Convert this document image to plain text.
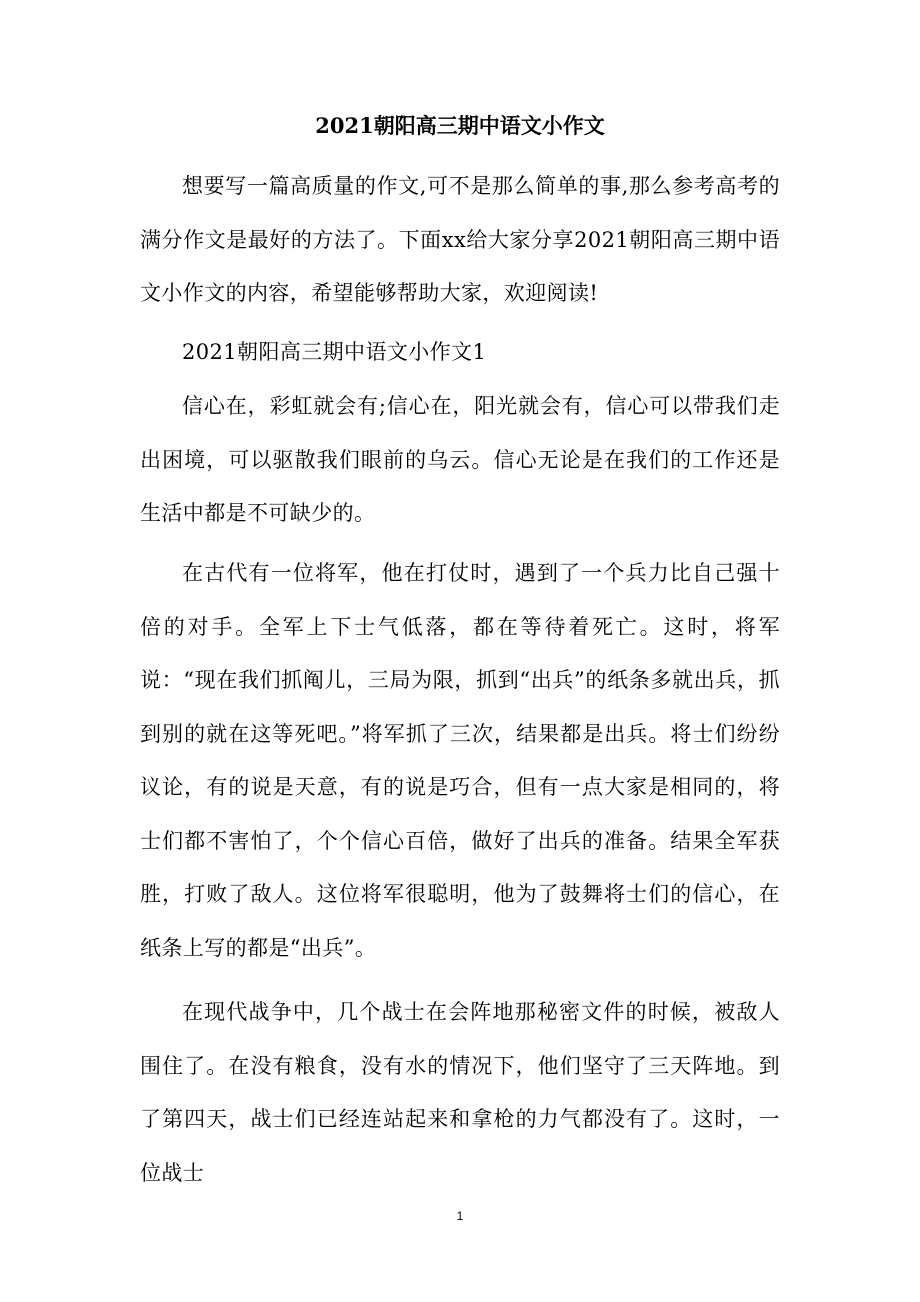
2021朝阳高三期中语文小作文

想要写一篇高质量的作文,可不是那么简单的事,那么参考高考的满分作文是最好的方法了。下面xx给大家分享2021朝阳高三期中语文小作文的内容，希望能够帮助大家，欢迎阅读!

2021朝阳高三期中语文小作文1

信心在，彩虹就会有;信心在，阳光就会有，信心可以带我们走出困境，可以驱散我们眼前的乌云。信心无论是在我们的工作还是生活中都是不可缺少的。

在古代有一位将军，他在打仗时，遇到了一个兵力比自己强十倍的对手。全军上下士气低落，都在等待着死亡。这时，将军说：“现在我们抓阄儿，三局为限，抓到“出兵”的纸条多就出兵，抓到别的就在这等死吧。”将军抓了三次，结果都是出兵。将士们纷纷议论，有的说是天意，有的说是巧合，但有一点大家是相同的，将士们都不害怕了，个个信心百倍，做好了出兵的准备。结果全军获胜，打败了敌人。这位将军很聪明，他为了鼓舞将士们的信心，在纸条上写的都是“出兵”。

在现代战争中，几个战士在会阵地那秘密文件的时候，被敌人围住了。在没有粮食，没有水的情况下，他们坚守了三天阵地。到了第四天，战士们已经连站起来和拿枪的力气都没有了。这时，一位战士

1
